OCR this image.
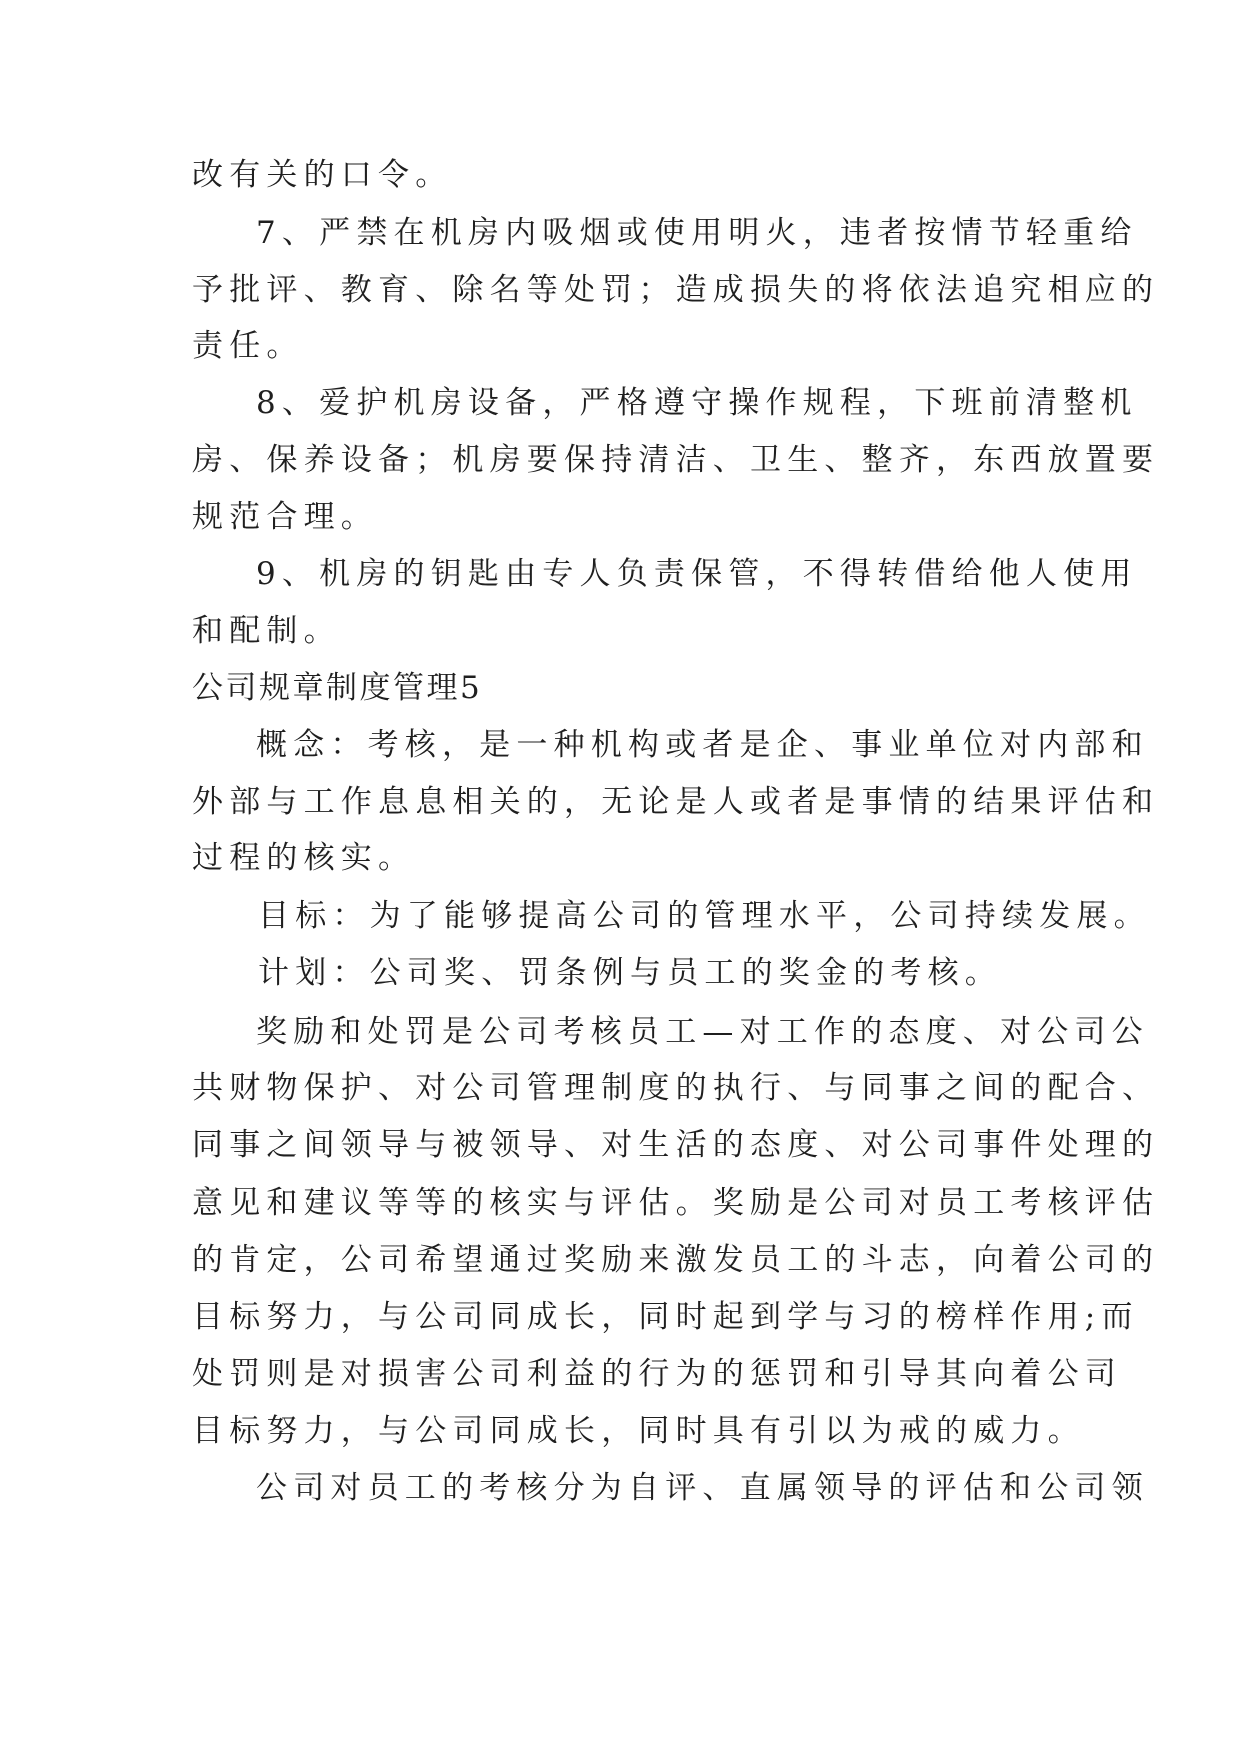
改有关的口令。
7、严禁在机房内吸烟或使用明火，违者按情节轻重给
予批评、教育、除名等处罚；造成损失的将依法追究相应的
责任。
8、爱护机房设备，严格遵守操作规程，下班前清整机
房、保养设备；机房要保持清洁、卫生、整齐，东西放置要
规范合理。
9、机房的钥匙由专人负责保管，不得转借给他人使用
和配制。
公司规章制度管理5
概念：考核，是一种机构或者是企、事业单位对内部和
外部与工作息息相关的，无论是人或者是事情的结果评估和
过程的核实。
目标：为了能够提高公司的管理水平，公司持续发展。
计划：公司奖、罚条例与员工的奖金的考核。
奖励和处罚是公司考核员工—对工作的态度、对公司公
共财物保护、对公司管理制度的执行、与同事之间的配合、
同事之间领导与被领导、对生活的态度、对公司事件处理的
意见和建议等等的核实与评估。奖励是公司对员工考核评估
的肯定，公司希望通过奖励来激发员工的斗志，向着公司的
目标努力，与公司同成长，同时起到学与习的榜样作用;而
处罚则是对损害公司利益的行为的惩罚和引导其向着公司
目标努力，与公司同成长，同时具有引以为戒的威力。
公司对员工的考核分为自评、直属领导的评估和公司领
